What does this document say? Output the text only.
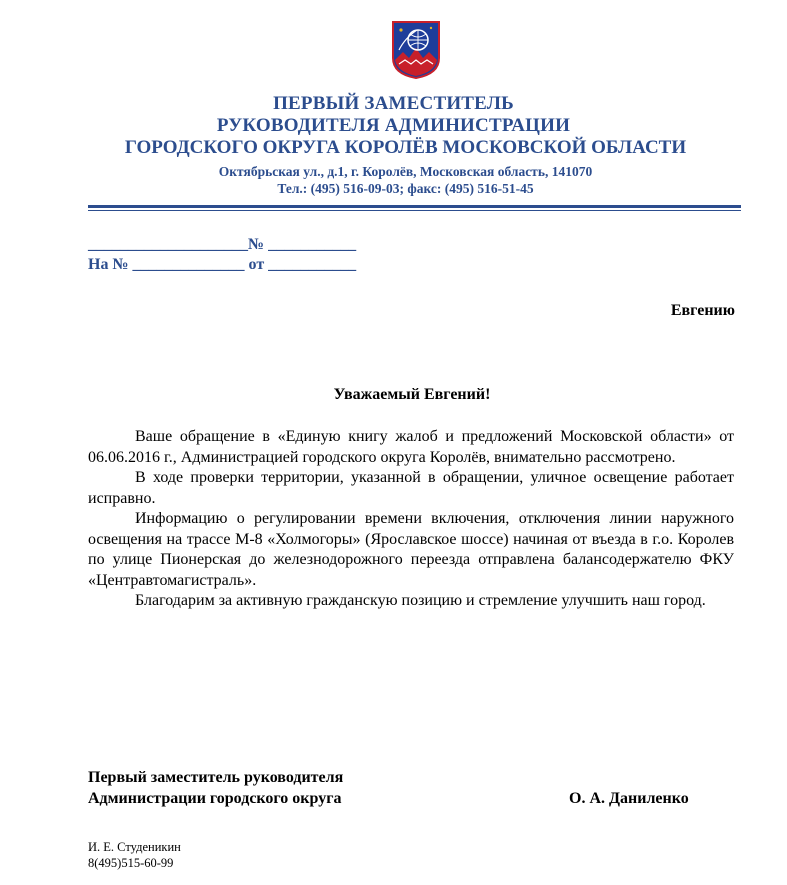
ПЕРВЫЙ ЗАМЕСТИТЕЛЬ
РУКОВОДИТЕЛЯ АДМИНИСТРАЦИИ
ГОРОДСКОГО ОКРУГА КОРОЛЁВ МОСКОВСКОЙ ОБЛАСТИ
Октябрьская ул., д.1, г. Королёв, Московская область, 141070
Тел.: (495) 516-09-03; факс: (495) 516-51-45
____________________№ ___________
На № ______________ от ___________
Евгению
Уважаемый Евгений!

Ваше обращение в «Единую книгу жалоб и предложений Московской области» от 06.06.2016 г., Администрацией городского округа Королёв, внимательно рассмотрено.

В ходе проверки территории, указанной в обращении, уличное освещение работает исправно.

Информацию о регулировании времени включения, отключения линии наружного освещения на трассе М-8 «Холмогоры» (Ярославское шоссе) начиная от въезда в г.о. Королев по улице Пионерская до железнодорожного переезда отправлена балансодержателю ФКУ «Центравтомагистраль».

Благодарим за активную гражданскую позицию и стремление улучшить наш город.

Первый заместитель руководителя
Администрации городского округа	О. А. Даниленко
И. Е. Студеникин
8(495)515-60-99
